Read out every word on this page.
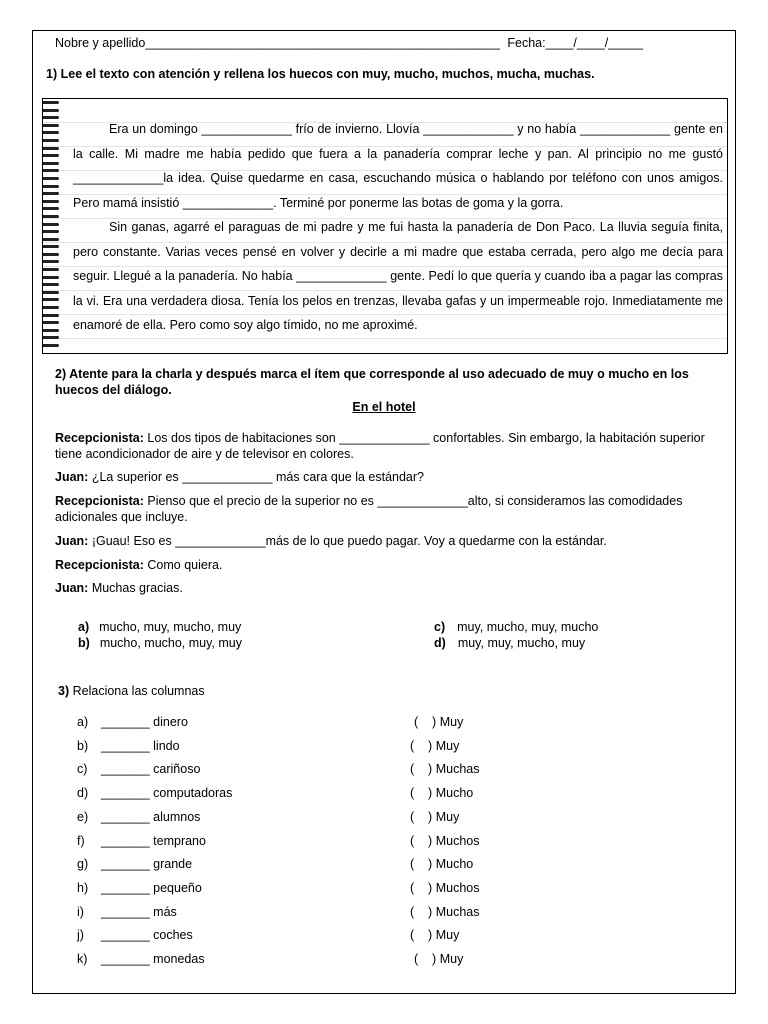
Nobre y apellido___________________________________________________ Fecha:____/____/_____
1) Lee el texto con atención y rellena los huecos con muy, mucho, muchos, mucha, muchas.

Era un domingo _____________ frío de invierno. Llovía _____________ y no había _____________ gente en la calle. Mi madre me había pedido que fuera a la panadería comprar leche y pan. Al principio no me gustó _____________la idea. Quise quedarme en casa, escuchando música o hablando por teléfono con unos amigos. Pero mamá insistió _____________. Terminé por ponerme las botas de goma y la gorra.

Sin ganas, agarré el paraguas de mi padre y me fui hasta la panadería de Don Paco. La lluvia seguía finita, pero constante. Varias veces pensé en volver y decirle a mi madre que estaba cerrada, pero algo me decía para seguir. Llegué a la panadería. No había _____________ gente. Pedí lo que quería y cuando iba a pagar las compras la vi. Era una verdadera diosa. Tenía los pelos en trenzas, llevaba gafas y un impermeable rojo. Inmediatamente me enamoré de ella. Pero como soy algo tímido, no me aproximé.

2) Atente para la charla y después marca el ítem que corresponde al uso adecuado de muy o mucho en los huecos del diálogo.
En el hotel
Recepcionista: Los dos tipos de habitaciones son _____________ confortables. Sin embargo, la habitación superior tiene acondicionador de aire y de televisor en colores.
Juan: ¿La superior es _____________ más cara que la estándar?
Recepcionista: Pienso que el precio de la superior no es _____________alto, si consideramos las comodidades adicionales que incluye.
Juan: ¡Guau! Eso es _____________más de lo que puedo pagar. Voy a quedarme con la estándar.
Recepcionista: Como quiera.
Juan: Muchas gracias.
a) mucho, muy, mucho, muy
b) mucho, mucho, muy, muy
c) muy, mucho, muy, mucho
d) muy, muy, mucho, muy
3) Relaciona las columnas
a) _______ dinero	(    ) Muy
b) _______ lindo	(    ) Muy
c) _______ cariñoso	(    ) Muchas
d) _______ computadoras	(    ) Mucho
e) _______ alumnos	(    ) Muy
f) _______ temprano	(    ) Muchos
g) _______ grande	(    ) Mucho
h) _______ pequeño	(    ) Muchos
i) _______ más	(    ) Muchas
j) _______ coches	(    ) Muy
k) _______ monedas	(    ) Muy
